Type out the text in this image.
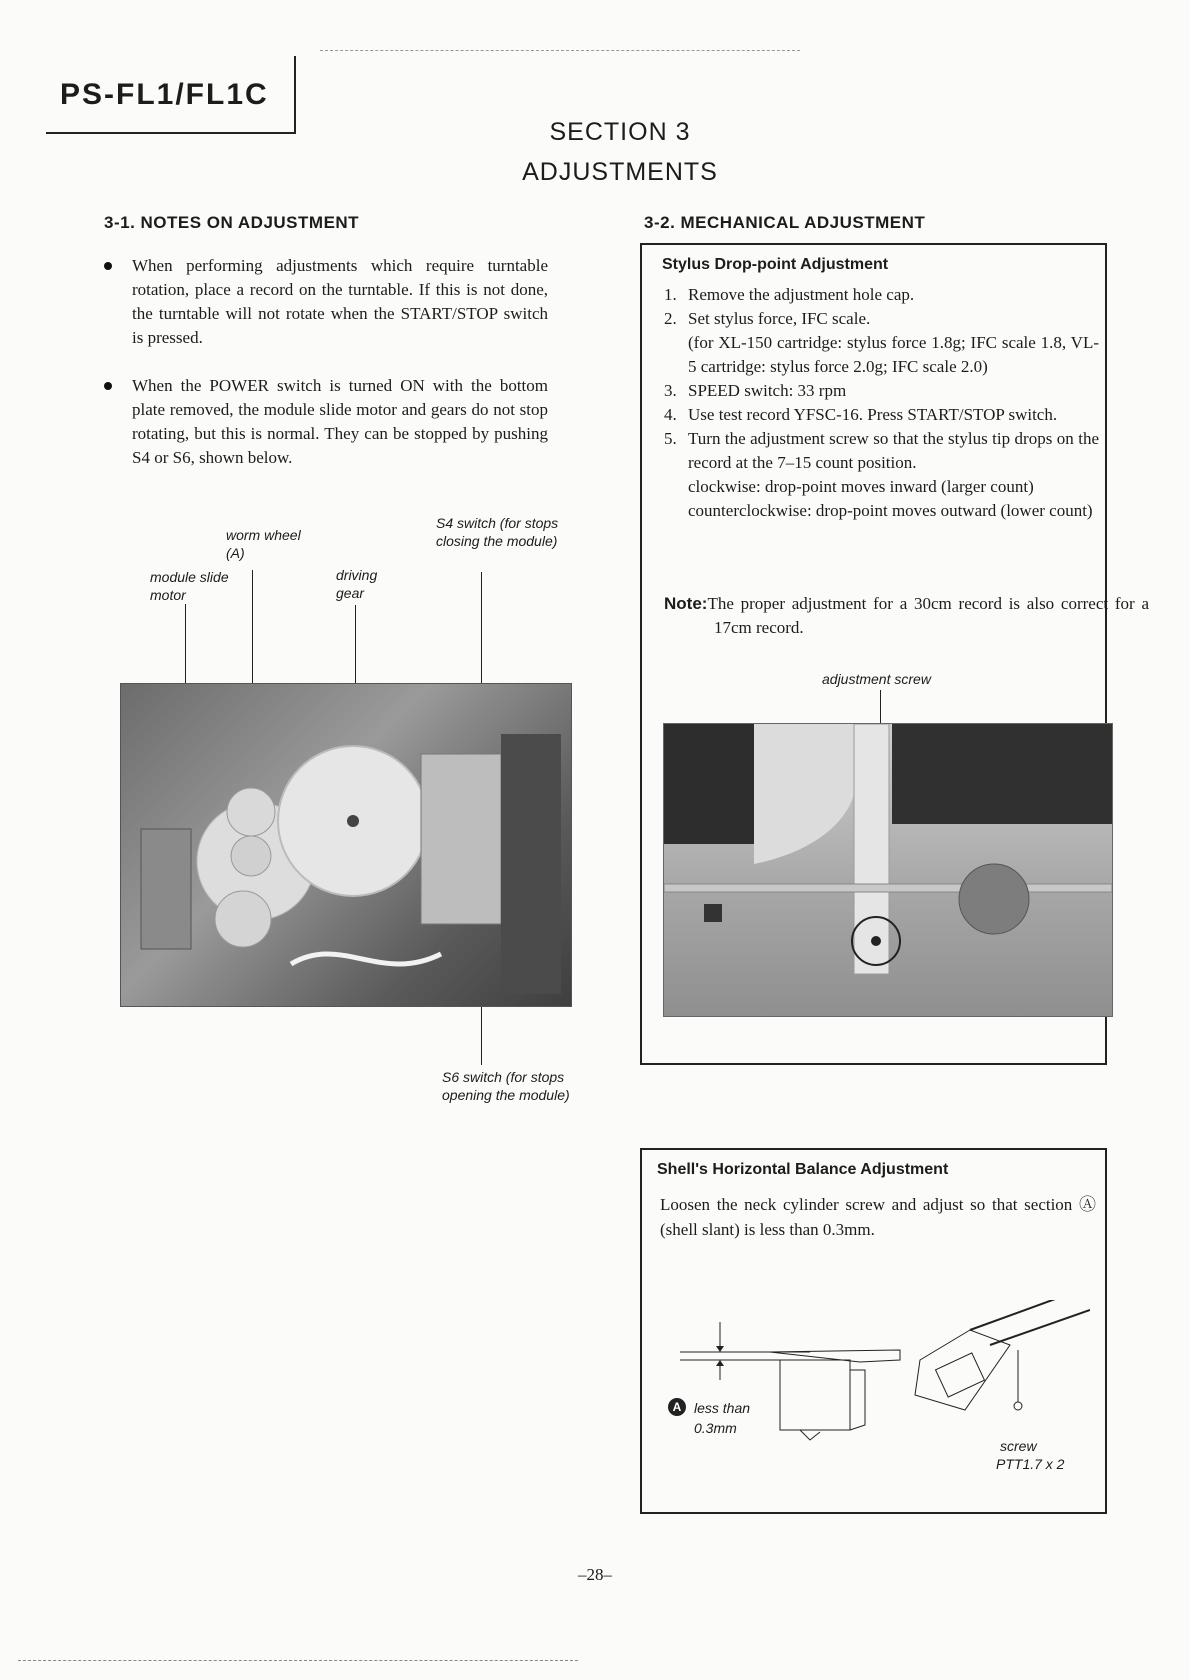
PS-FL1/FL1C
SECTION 3
ADJUSTMENTS
3-1. NOTES ON ADJUSTMENT
When performing adjustments which require turntable rotation, place a record on the turntable. If this is not done, the turntable will not rotate when the START/STOP switch is pressed.
When the POWER switch is turned ON with the bottom plate removed, the module slide motor and gears do not stop rotating, but this is normal. They can be stopped by pushing S4 or S6, shown below.
worm wheel (A)
module slide motor
driving gear
S4 switch (for stops closing the module)
S6 switch (for stops opening the module)
3-2. MECHANICAL ADJUSTMENT
Stylus Drop-point Adjustment
1. Remove the adjustment hole cap.
2. Set stylus force, IFC scale.
(for XL-150 cartridge: stylus force 1.8g; IFC scale 1.8, VL-5 cartridge: stylus force 2.0g; IFC scale 2.0)
3. SPEED switch: 33 rpm
4. Use test record YFSC-16. Press START/STOP switch.
5. Turn the adjustment screw so that the stylus tip drops on the record at the 7–15 count position.
clockwise: drop-point moves inward (larger count)
counterclockwise: drop-point moves outward (lower count)
Note:The proper adjustment for a 30cm record is also correct for a 17cm record.
adjustment screw
Shell's Horizontal Balance Adjustment
Loosen the neck cylinder screw and adjust so that section Ⓐ (shell slant) is less than 0.3mm.
A less than
0.3mm
screw
PTT1.7 x 2
–28–
